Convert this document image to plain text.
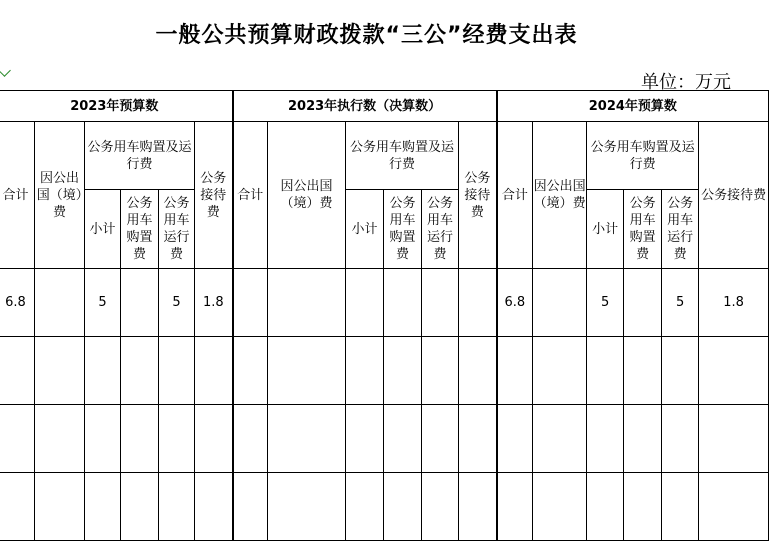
一般公共预算财政拨款“三公”经费支出表
单位：万元
2023年预算数						2023年执行数（决算数）						2024年预算数					
合计	因公出国（境）费	公务用车购置及运行费			公务接待费	合计	因公出国（境）费	公务用车购置及运行费			公务接待费	合计	因公出国（境）费	公务用车购置及运行费			公务接待费
		小计	公务用车购置费	公务用车运行费				小计	公务用车购置费	公务用车运行费				小计	公务用车购置费	公务用车运行费	
6.8		5		5	1.8							6.8		5		5	1.8
